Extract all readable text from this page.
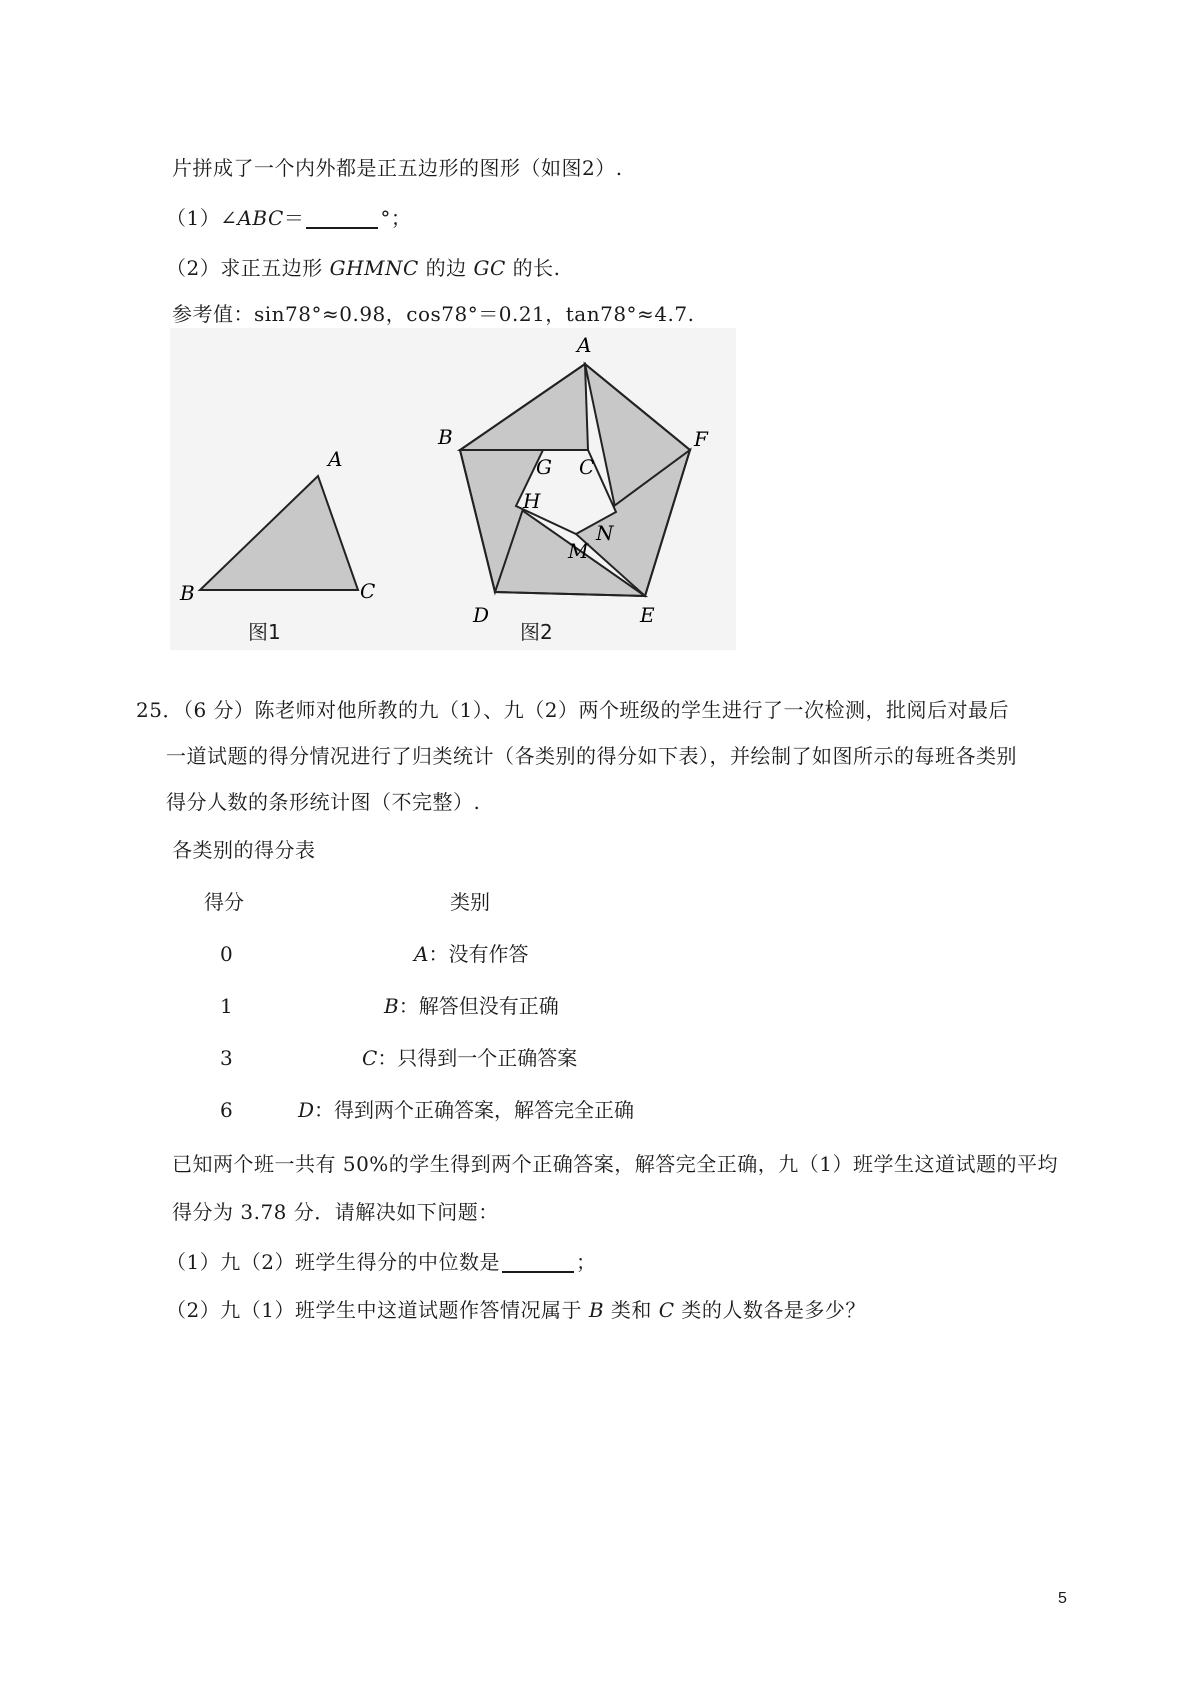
片拼成了一个内外都是正五边形的图形（如图2）.
（1）∠ABC＝	°；
（2）求正五边形 GHMNC 的边 GC 的长.
参考值：sin78°≈0.98，cos78°＝0.21，tan78°≈4.7.
A
B	C
A
B
G C
F
H
N
M
D	E
图1	图2
25．（6 分）陈老师对他所教的九（1）、九（2）两个班级的学生进行了一次检测，批阅后对最后
一道试题的得分情况进行了归类统计（各类别的得分如下表），并绘制了如图所示的每班各类别
得分人数的条形统计图（不完整）.
各类别的得分表
得分	类别
0	A：没有作答
1	B：解答但没有正确
3	C：只得到一个正确答案
6	D：得到两个正确答案，解答完全正确
已知两个班一共有 50%的学生得到两个正确答案，解答完全正确，九（1）班学生这道试题的平均
得分为 3.78 分．请解决如下问题：
（1）九（2）班学生得分的中位数是	；
（2）九（1）班学生中这道试题作答情况属于 B 类和 C 类的人数各是多少？
5
